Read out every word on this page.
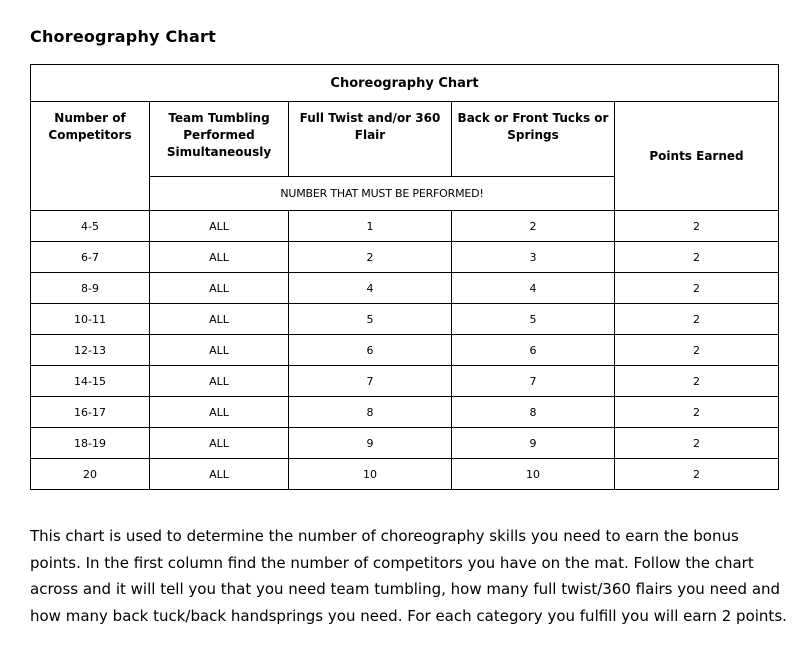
Choreography Chart
Choreography Chart				
Number of Competitors	Team Tumbling Performed Simultaneously	Full Twist and/or 360 Flair	Back or Front Tucks or Springs	Points Earned
	NUMBER THAT MUST BE PERFORMED!			
4-5	ALL	1	2	2
6-7	ALL	2	3	2
8-9	ALL	4	4	2
10-11	ALL	5	5	2
12-13	ALL	6	6	2
14-15	ALL	7	7	2
16-17	ALL	8	8	2
18-19	ALL	9	9	2
20	ALL	10	10	2

This chart is used to determine the number of choreography skills you need to earn the bonus points. In the first column find the number of competitors you have on the mat. Follow the chart across and it will tell you that you need team tumbling, how many full twist/360 flairs you need and how many back tuck/back handsprings you need. For each category you fulfill you will earn 2 points.
